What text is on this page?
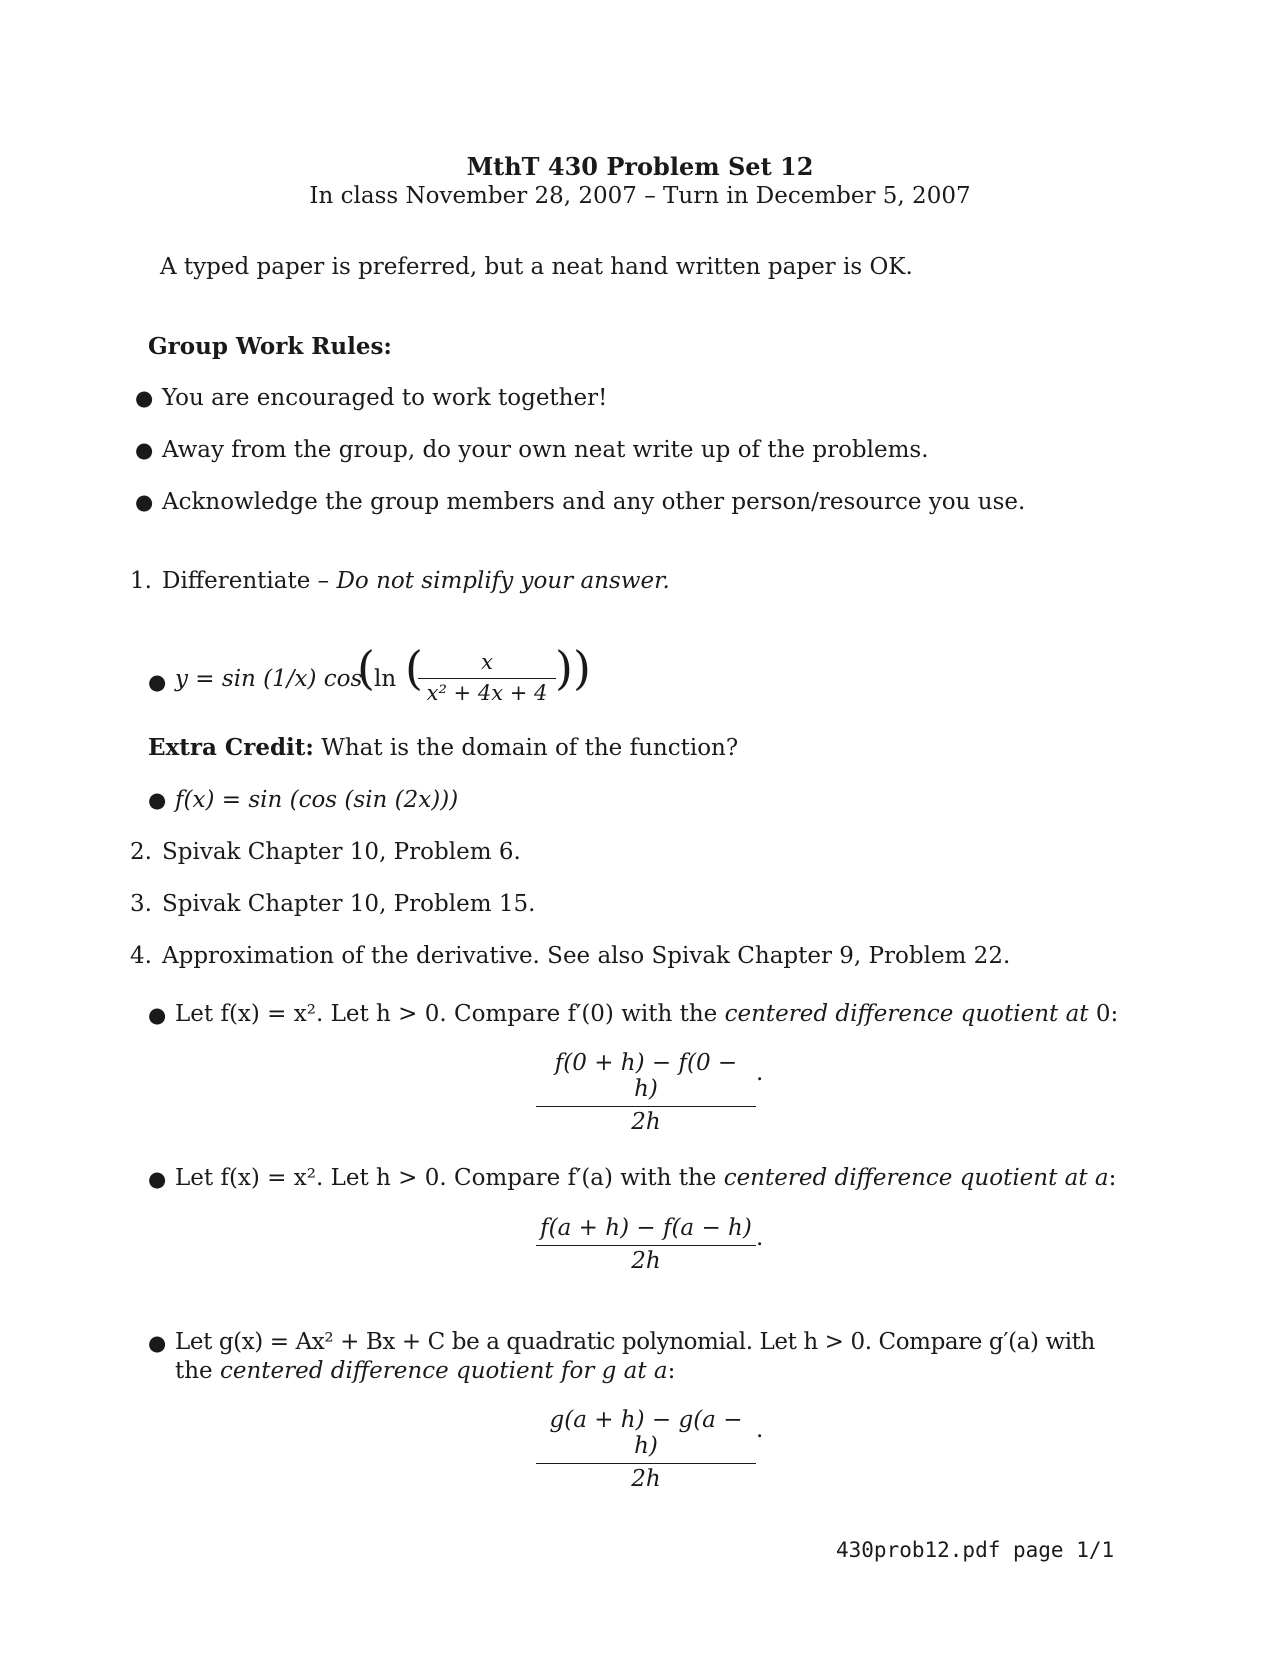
MthT 430 Problem Set 12
In class November 28, 2007 – Turn in December 5, 2007
A typed paper is preferred, but a neat hand written paper is OK.
Group Work Rules:
● You are encouraged to work together!
● Away from the group, do your own neat write up of the problems.
● Acknowledge the group members and any other person/resource you use.
1. Differentiate – Do not simplify your answer.
● y = sin (1/x) cos
( ln (	x
x² + 4x + 4 ))
Extra Credit: What is the domain of the function?
● f(x) = sin (cos (sin (2x)))
2. Spivak Chapter 10, Problem 6.
3. Spivak Chapter 10, Problem 15.
4. Approximation of the derivative. See also Spivak Chapter 9, Problem 22.
● Let f(x) = x². Let h > 0. Compare f′(0) with the centered difference quotient at 0:
f(0 + h) − f(0 − h)
2h
.
● Let f(x) = x². Let h > 0. Compare f′(a) with the centered difference quotient at a:
f(a + h) − f(a − h)
2h
.
● Let g(x) = Ax² + Bx + C be a quadratic polynomial. Let h > 0. Compare g′(a) with
the centered difference quotient for g at a:
g(a + h) − g(a − h)
2h
.
430prob12.pdf page 1/1
